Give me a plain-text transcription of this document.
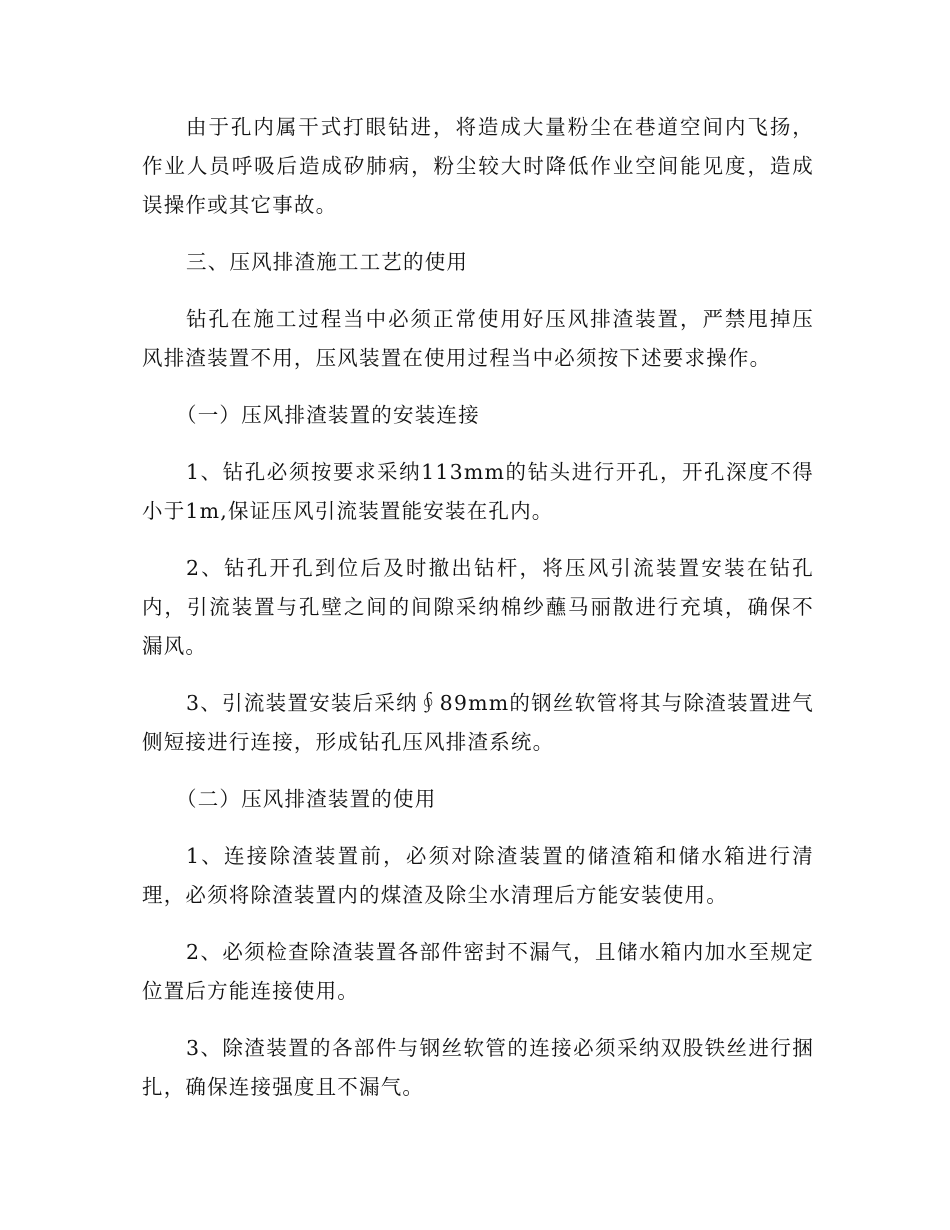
由于孔内属干式打眼钻进，将造成大量粉尘在巷道空间内飞扬，作业人员呼吸后造成矽肺病，粉尘较大时降低作业空间能见度，造成误操作或其它事故。

三、压风排渣施工工艺的使用

钻孔在施工过程当中必须正常使用好压风排渣装置，严禁甩掉压风排渣装置不用，压风装置在使用过程当中必须按下述要求操作。

（一）压风排渣装置的安装连接

1、钻孔必须按要求采纳113mm的钻头进行开孔，开孔深度不得小于1m,保证压风引流装置能安装在孔内。

2、钻孔开孔到位后及时撤出钻杆，将压风引流装置安装在钻孔内，引流装置与孔壁之间的间隙采纳棉纱蘸马丽散进行充填，确保不漏风。

3、引流装置安装后采纳∮89mm的钢丝软管将其与除渣装置进气侧短接进行连接，形成钻孔压风排渣系统。

（二）压风排渣装置的使用

1、连接除渣装置前，必须对除渣装置的储渣箱和储水箱进行清理，必须将除渣装置内的煤渣及除尘水清理后方能安装使用。

2、必须检查除渣装置各部件密封不漏气，且储水箱内加水至规定位置后方能连接使用。

3、除渣装置的各部件与钢丝软管的连接必须采纳双股铁丝进行捆扎，确保连接强度且不漏气。
